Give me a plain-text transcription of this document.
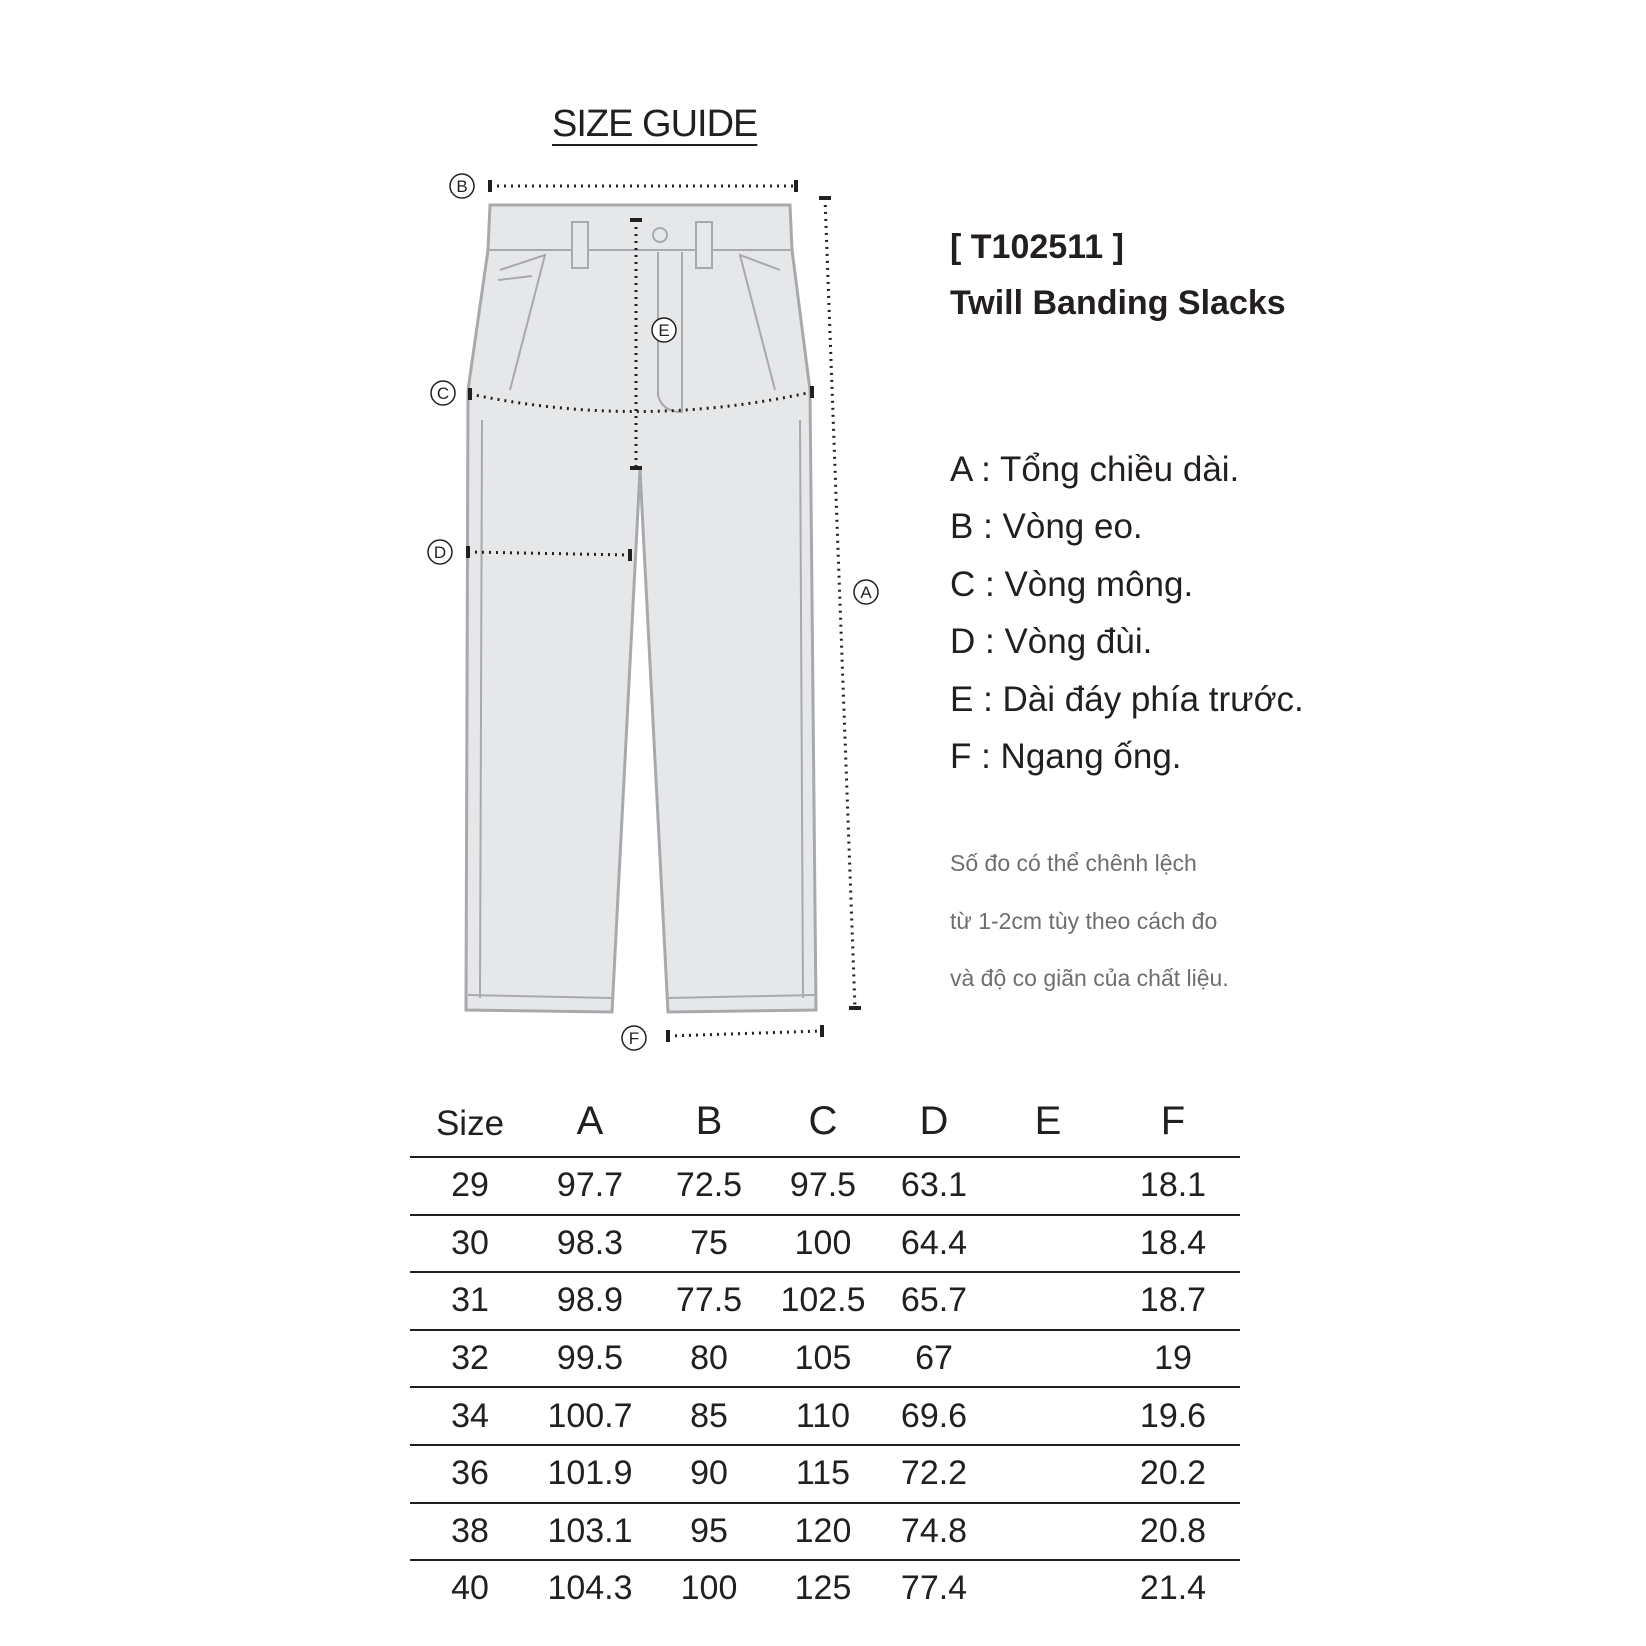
SIZE GUIDE
B
A
E
C
D
F
[ T102511 ]
Twill Banding Slacks
A : Tổng chiều dài.
B : Vòng eo.
C : Vòng mông.
D : Vòng đùi.
E : Dài đáy phía trước.
F : Ngang ống.
Số đo có thể chênh lệch
từ 1-2cm tùy theo cách đo
và độ co giãn của chất liệu.
Size	A	B	C	D	E	F
29	97.7	72.5	97.5	63.1		18.1
30	98.3	75	100	64.4		18.4
31	98.9	77.5	102.5	65.7		18.7
32	99.5	80	105	67		19
34	100.7	85	110	69.6		19.6
36	101.9	90	115	72.2		20.2
38	103.1	95	120	74.8		20.8
40	104.3	100	125	77.4		21.4
